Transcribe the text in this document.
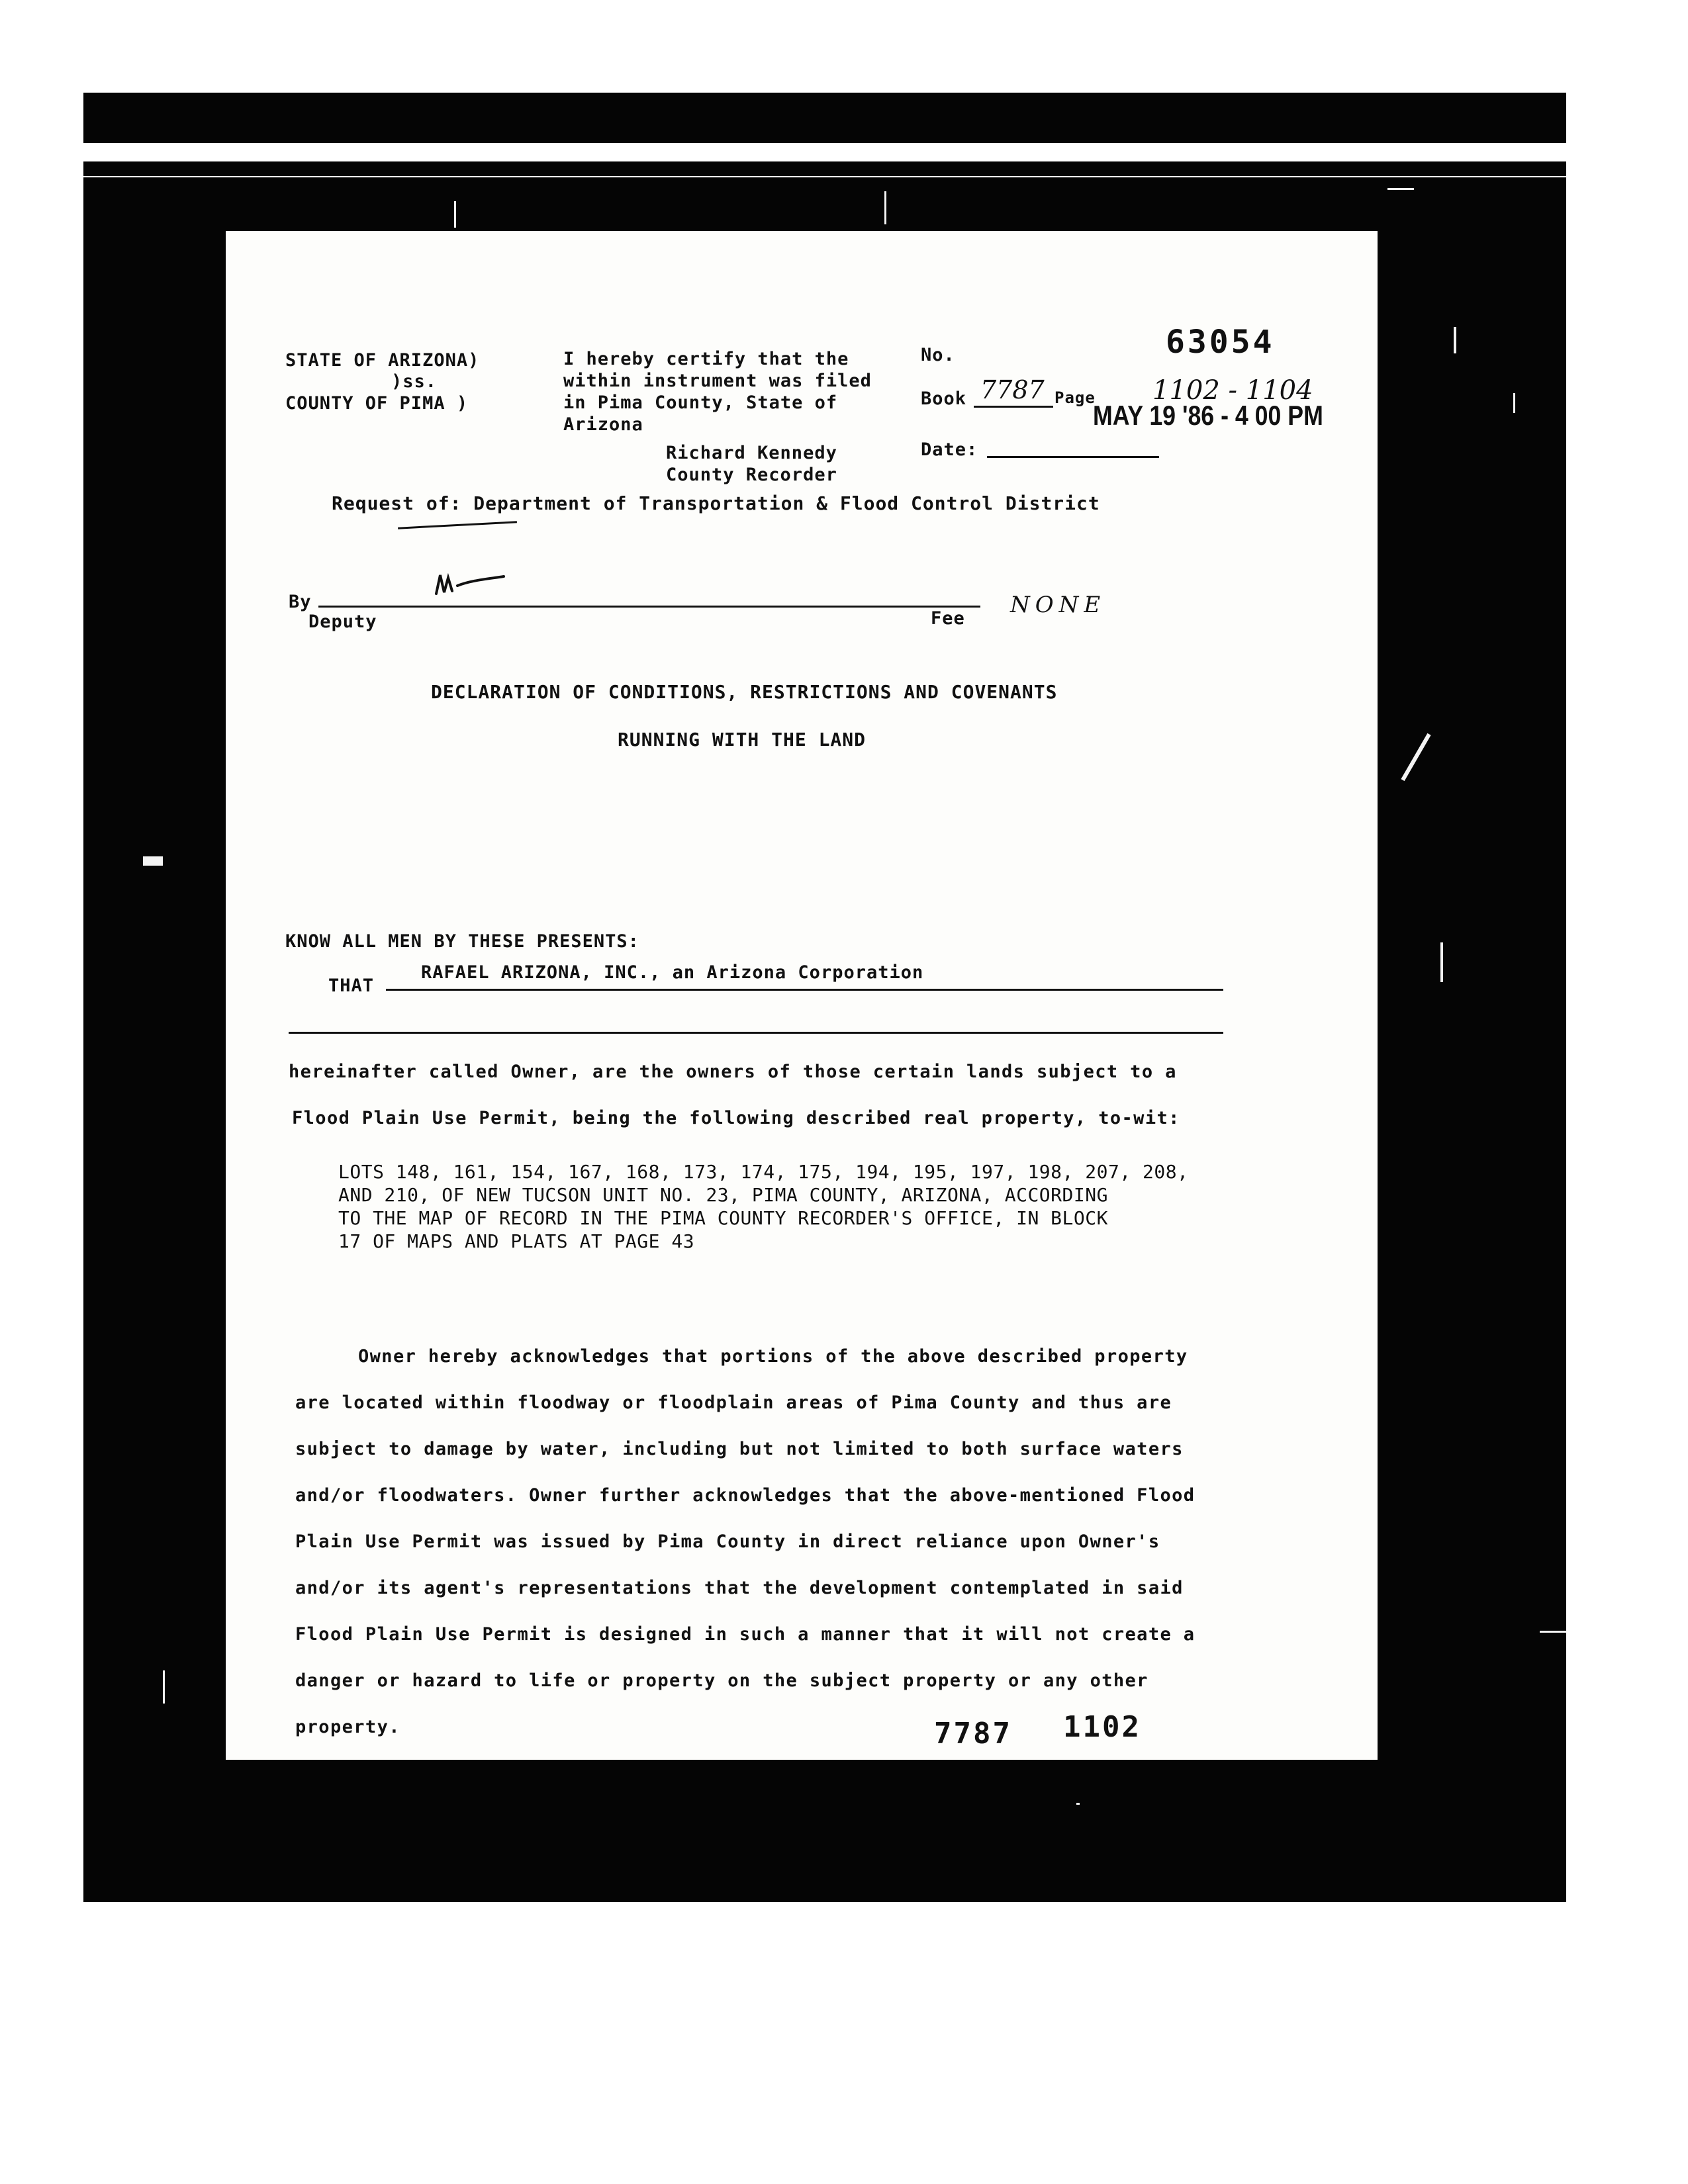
STATE OF ARIZONA)
)ss.
COUNTY OF PIMA )
I hereby certify that the
within instrument was filed
in Pima County, State of
Arizona
Richard Kennedy
County Recorder
No.	63054
Book 7787 Page 1102 - 1104
MAY 19 '86 - 4 00 PM
Date:
Request of: Department of Transportation & Flood Control District
By
Deputy	Fee
NONE
DECLARATION OF CONDITIONS, RESTRICTIONS AND COVENANTS
RUNNING WITH THE LAND
KNOW ALL MEN BY THESE PRESENTS:
THAT
RAFAEL ARIZONA, INC., an Arizona Corporation
hereinafter called Owner, are the owners of those certain lands subject to a
Flood Plain Use Permit, being the following described real property, to-wit:
LOTS 148, 161, 154, 167, 168, 173, 174, 175, 194, 195, 197, 198, 207, 208,
AND 210, OF NEW TUCSON UNIT NO. 23, PIMA COUNTY, ARIZONA, ACCORDING
TO THE MAP OF RECORD IN THE PIMA COUNTY RECORDER'S OFFICE, IN BLOCK
17 OF MAPS AND PLATS AT PAGE 43
Owner hereby acknowledges that portions of the above described property
are located within floodway or floodplain areas of Pima County and thus are
subject to damage by water, including but not limited to both surface waters
and/or floodwaters. Owner further acknowledges that the above-mentioned Flood
Plain Use Permit was issued by Pima County in direct reliance upon Owner's
and/or its agent's representations that the development contemplated in said
Flood Plain Use Permit is designed in such a manner that it will not create a
danger or hazard to life or property on the subject property or any other
property.	7787 1102
